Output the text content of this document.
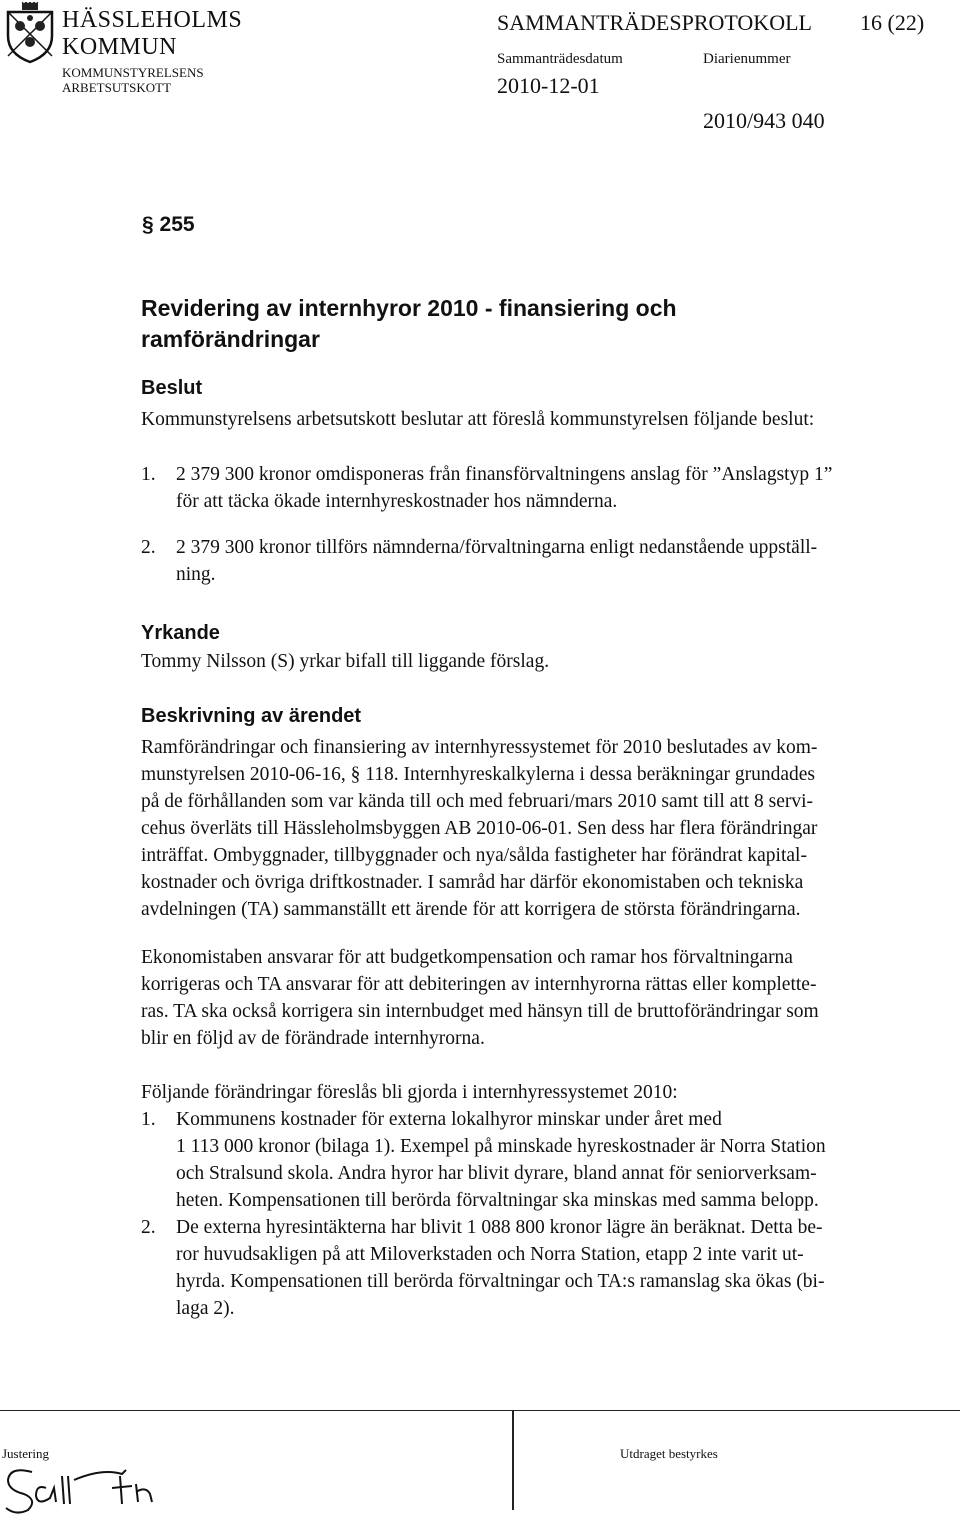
HÄSSLEHOLMS
KOMMUN
KOMMUNSTYRELSENS
ARBETSUTSKOTT
SAMMANTRÄDESPROTOKOLL 16 (22)
Sammanträdesdatum	Diarienummer
2010-12-01
2010/943 040
§ 255
Revidering av internhyror 2010 - finansiering och ramförändringar
Beslut
Kommunstyrelsens arbetsutskott beslutar att föreslå kommunstyrelsen följande beslut:
1. 2 379 300 kronor omdisponeras från finansförvaltningens anslag för ”Anslagstyp 1”
för att täcka ökade internhyreskostnader hos nämnderna.
2. 2 379 300 kronor tillförs nämnderna/förvaltningarna enligt nedanstående uppställ-
ning.
Yrkande
Tommy Nilsson (S) yrkar bifall till liggande förslag.
Beskrivning av ärendet
Ramförändringar och finansiering av internhyressystemet för 2010 beslutades av kom-
munstyrelsen 2010-06-16, § 118. Internhyreskalkylerna i dessa beräkningar grundades
på de förhållanden som var kända till och med februari/mars 2010 samt till att 8 servi-
cehus överläts till Hässleholmsbyggen AB 2010-06-01. Sen dess har flera förändringar
inträffat. Ombyggnader, tillbyggnader och nya/sålda fastigheter har förändrat kapital-
kostnader och övriga driftkostnader. I samråd har därför ekonomistaben och tekniska
avdelningen (TA) sammanställt ett ärende för att korrigera de största förändringarna.
Ekonomistaben ansvarar för att budgetkompensation och ramar hos förvaltningarna
korrigeras och TA ansvarar för att debiteringen av internhyrorna rättas eller komplette-
ras. TA ska också korrigera sin internbudget med hänsyn till de bruttoförändringar som
blir en följd av de förändrade internhyrorna.
Följande förändringar föreslås bli gjorda i internhyressystemet 2010:
1. Kommunens kostnader för externa lokalhyror minskar under året med
1 113 000 kronor (bilaga 1). Exempel på minskade hyreskostnader är Norra Station
och Stralsund skola. Andra hyror har blivit dyrare, bland annat för seniorverksam-
heten. Kompensationen till berörda förvaltningar ska minskas med samma belopp.
2. De externa hyresintäkterna har blivit 1 088 800 kronor lägre än beräknat. Detta be-
ror huvudsakligen på att Miloverkstaden och Norra Station, etapp 2 inte varit ut-
hyrda. Kompensationen till berörda förvaltningar och TA:s ramanslag ska ökas (bi-
laga 2).
Justering	Utdraget bestyrkes
